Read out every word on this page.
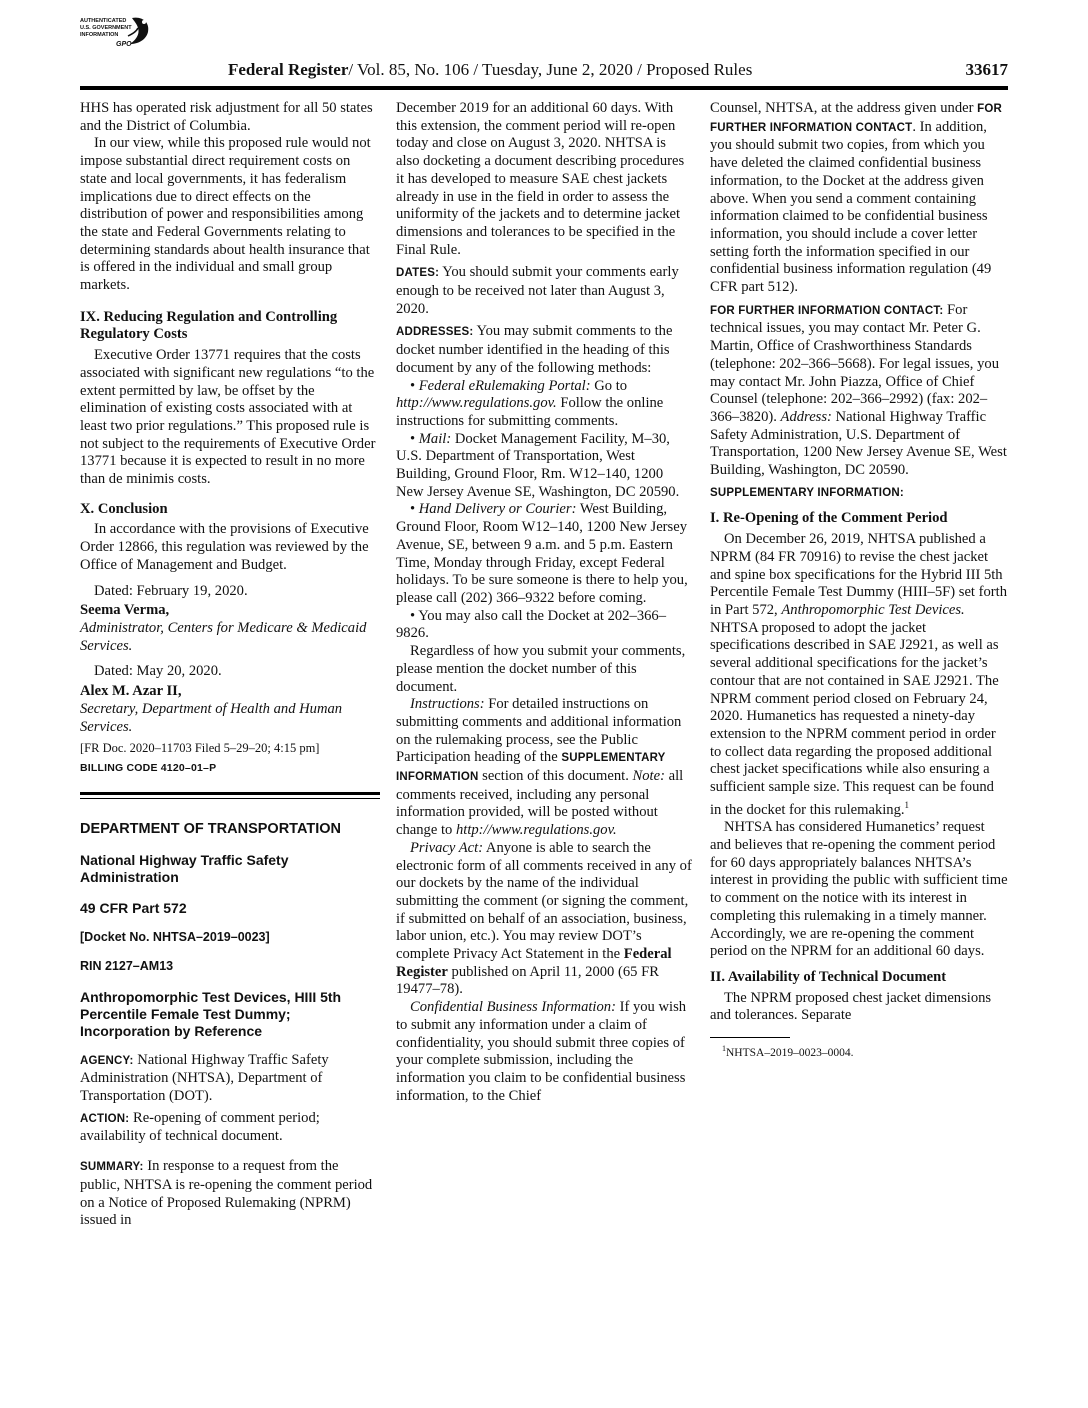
AUTHENTICATED
U.S. GOVERNMENT
INFORMATION
GPO
Federal Register/ Vol. 85, No. 106 / Tuesday, June 2, 2020 / Proposed Rules	33617

HHS has operated risk adjustment for all 50 states and the District of Columbia.

In our view, while this proposed rule would not impose substantial direct requirement costs on state and local governments, it has federalism implications due to direct effects on the distribution of power and responsibilities among the state and Federal Governments relating to determining standards about health insurance that is offered in the individual and small group markets.

IX. Reducing Regulation and Controlling Regulatory Costs

Executive Order 13771 requires that the costs associated with significant new regulations “to the extent permitted by law, be offset by the elimination of existing costs associated with at least two prior regulations.” This proposed rule is not subject to the requirements of Executive Order 13771 because it is expected to result in no more than de minimis costs.

X. Conclusion

In accordance with the provisions of Executive Order 12866, this regulation was reviewed by the Office of Management and Budget.

Dated: February 19, 2020.

Seema Verma,

Administrator, Centers for Medicare & Medicaid Services.

Dated: May 20, 2020.

Alex M. Azar II,

Secretary, Department of Health and Human Services.

[FR Doc. 2020–11703 Filed 5–29–20; 4:15 pm]

BILLING CODE 4120–01–P

DEPARTMENT OF TRANSPORTATION

National Highway Traffic Safety Administration

49 CFR Part 572

[Docket No. NHTSA–2019–0023]

RIN 2127–AM13

Anthropomorphic Test Devices, HIII 5th Percentile Female Test Dummy; Incorporation by Reference

AGENCY: National Highway Traffic Safety Administration (NHTSA), Department of Transportation (DOT).

ACTION: Re-opening of comment period; availability of technical document.

SUMMARY: In response to a request from the public, NHTSA is re-opening the comment period on a Notice of Proposed Rulemaking (NPRM) issued in

December 2019 for an additional 60 days. With this extension, the comment period will re-open today and close on August 3, 2020. NHTSA is also docketing a document describing procedures it has developed to measure SAE chest jackets already in use in the field in order to assess the uniformity of the jackets and to determine jacket dimensions and tolerances to be specified in the Final Rule.

DATES: You should submit your comments early enough to be received not later than August 3, 2020.

ADDRESSES: You may submit comments to the docket number identified in the heading of this document by any of the following methods:

• Federal eRulemaking Portal: Go to http://www.regulations.gov. Follow the online instructions for submitting comments.

• Mail: Docket Management Facility, M–30, U.S. Department of Transportation, West Building, Ground Floor, Rm. W12–140, 1200 New Jersey Avenue SE, Washington, DC 20590.

• Hand Delivery or Courier: West Building, Ground Floor, Room W12–140, 1200 New Jersey Avenue, SE, between 9 a.m. and 5 p.m. Eastern Time, Monday through Friday, except Federal holidays. To be sure someone is there to help you, please call (202) 366–9322 before coming.

• You may also call the Docket at 202–366–9826.

Regardless of how you submit your comments, please mention the docket number of this document.

Instructions: For detailed instructions on submitting comments and additional information on the rulemaking process, see the Public Participation heading of the SUPPLEMENTARY INFORMATION section of this document. Note: all comments received, including any personal information provided, will be posted without change to http://www.regulations.gov.

Privacy Act: Anyone is able to search the electronic form of all comments received in any of our dockets by the name of the individual submitting the comment (or signing the comment, if submitted on behalf of an association, business, labor union, etc.). You may review DOT’s complete Privacy Act Statement in the Federal Register published on April 11, 2000 (65 FR 19477–78).

Confidential Business Information: If you wish to submit any information under a claim of confidentiality, you should submit three copies of your complete submission, including the information you claim to be confidential business information, to the Chief

Counsel, NHTSA, at the address given under FOR FURTHER INFORMATION CONTACT. In addition, you should submit two copies, from which you have deleted the claimed confidential business information, to the Docket at the address given above. When you send a comment containing information claimed to be confidential business information, you should include a cover letter setting forth the information specified in our confidential business information regulation (49 CFR part 512).

FOR FURTHER INFORMATION CONTACT: For technical issues, you may contact Mr. Peter G. Martin, Office of Crashworthiness Standards (telephone: 202–366–5668). For legal issues, you may contact Mr. John Piazza, Office of Chief Counsel (telephone: 202–366–2992) (fax: 202–366–3820). Address: National Highway Traffic Safety Administration, U.S. Department of Transportation, 1200 New Jersey Avenue SE, West Building, Washington, DC 20590.

SUPPLEMENTARY INFORMATION:

I. Re-Opening of the Comment Period

On December 26, 2019, NHTSA published a NPRM (84 FR 70916) to revise the chest jacket and spine box specifications for the Hybrid III 5th Percentile Female Test Dummy (HIII–5F) set forth in Part 572, Anthropomorphic Test Devices. NHTSA proposed to adopt the jacket specifications described in SAE J2921, as well as several additional specifications for the jacket’s contour that are not contained in SAE J2921. The NPRM comment period closed on February 24, 2020. Humanetics has requested a ninety-day extension to the NPRM comment period in order to collect data regarding the proposed additional chest jacket specifications while also ensuring a sufficient sample size. This request can be found in the docket for this rulemaking.$^1$

NHTSA has considered Humanetics’ request and believes that re-opening the comment period for 60 days appropriately balances NHTSA’s interest in providing the public with sufficient time to comment on the notice with its interest in completing this rulemaking in a timely manner. Accordingly, we are re-opening the comment period on the NPRM for an additional 60 days.

II. Availability of Technical Document

The NPRM proposed chest jacket dimensions and tolerances. Separate

$^1$NHTSA–2019–0023–0004.
